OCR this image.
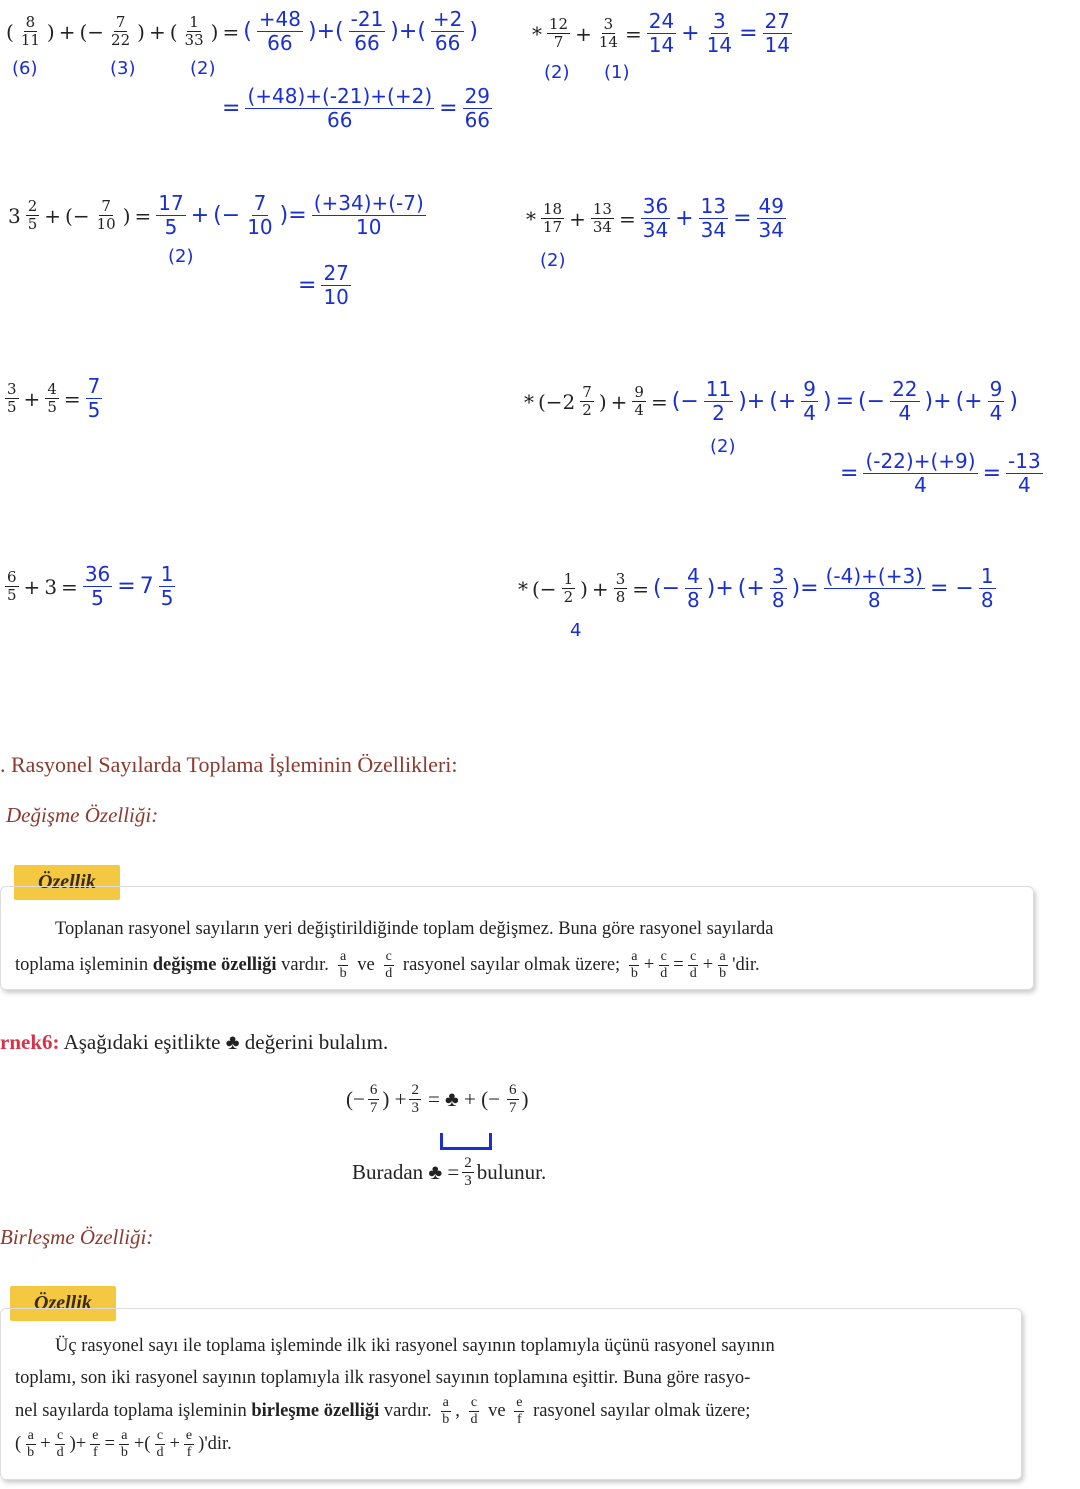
( $\frac{8}{11}$ ) + (− $\frac{7}{22}$ ) + ( $\frac{1}{33}$ ) = ( $\frac{+48}{66}$ )+( $\frac{-21}{66}$ )+( $\frac{+2}{66}$ )
= $\frac{(+48)+(-21)+(+2)}{66} = \frac{29}{66}$
* $\frac{12}{7} + \frac{3}{14} = \frac{24}{14} + \frac{3}{14} = \frac{27}{14}$
$3 \frac{2}{5}$ + (− $\frac{7}{10}$ ) = $\frac{17}{5}$ + (− $\frac{7}{10}$ )= $\frac{(+34)+(-7)}{10}$
= $\frac{27}{10}$
* $\frac{18}{17} + \frac{13}{34} = \frac{36}{34} + \frac{13}{34} = \frac{49}{34}$
$\frac{3}{5} + \frac{4}{5} = \frac{7}{5}$	* ($-2 \frac{7}{2}$ ) + $\frac{9}{4}$ = (− $\frac{11}{2}$ )+ (+ $\frac{9}{4}$ ) = (− $\frac{22}{4}$ )+ (+ $\frac{9}{4}$ )
= $\frac{(-22)+(+9)}{4} = \frac{-13}{4}$
$\frac{6}{5} + 3 = \frac{36}{5} = 7 \frac{1}{5}$	* (− $\frac{1}{2}$ ) + $\frac{3}{8}$ = (− $\frac{4}{8}$ )+ (+ $\frac{3}{8}$ )= $\frac{(-4)+(+3)}{8}$ = − $\frac{1}{8}$
(6)	(3)	(2)	(2) (1)
(2)	(2)
(2)
4
. Rasyonel Sayılarda Toplama İşleminin Özellikleri:
Değişme Özelliği:
Özellik
Toplanan rasyonel sayıların yeri değiştirildiğinde toplam değişmez. Buna göre rasyonel sayılarda
toplama işleminin değişme özelliği vardır. $\frac{a}{b}$ ve $\frac{c}{d}$ rasyonel sayılar olmak üzere; $\frac{a}{b} + \frac{c}{d} = \frac{c}{d} + \frac{a}{b}$ 'dir.
rnek6: Aşağıdaki eşitlikte ♣ değerini bulalım.
(− $\frac{6}{7}$ ) + $\frac{2}{3}$ = ♣ + (− $\frac{6}{7}$ )
Buradan ♣ = $\frac{2}{3}$ bulunur.
Birleşme Özelliği:
Özellik
Üç rasyonel sayı ile toplama işleminde ilk iki rasyonel sayının toplamıyla üçünü rasyonel sayının
toplamı, son iki rasyonel sayının toplamıyla ilk rasyonel sayının toplamına eşittir. Buna göre rasyo-
nel sayılarda toplama işleminin birleşme özelliği vardır. $\frac{a}{b}$ , $\frac{c}{d}$ ve $\frac{e}{f}$ rasyonel sayılar olmak üzere;
( $\frac{a}{b} + \frac{c}{d}$ )+ $\frac{e}{f} = \frac{a}{b}$ +( $\frac{c}{d} + \frac{e}{f} )'dir$.
